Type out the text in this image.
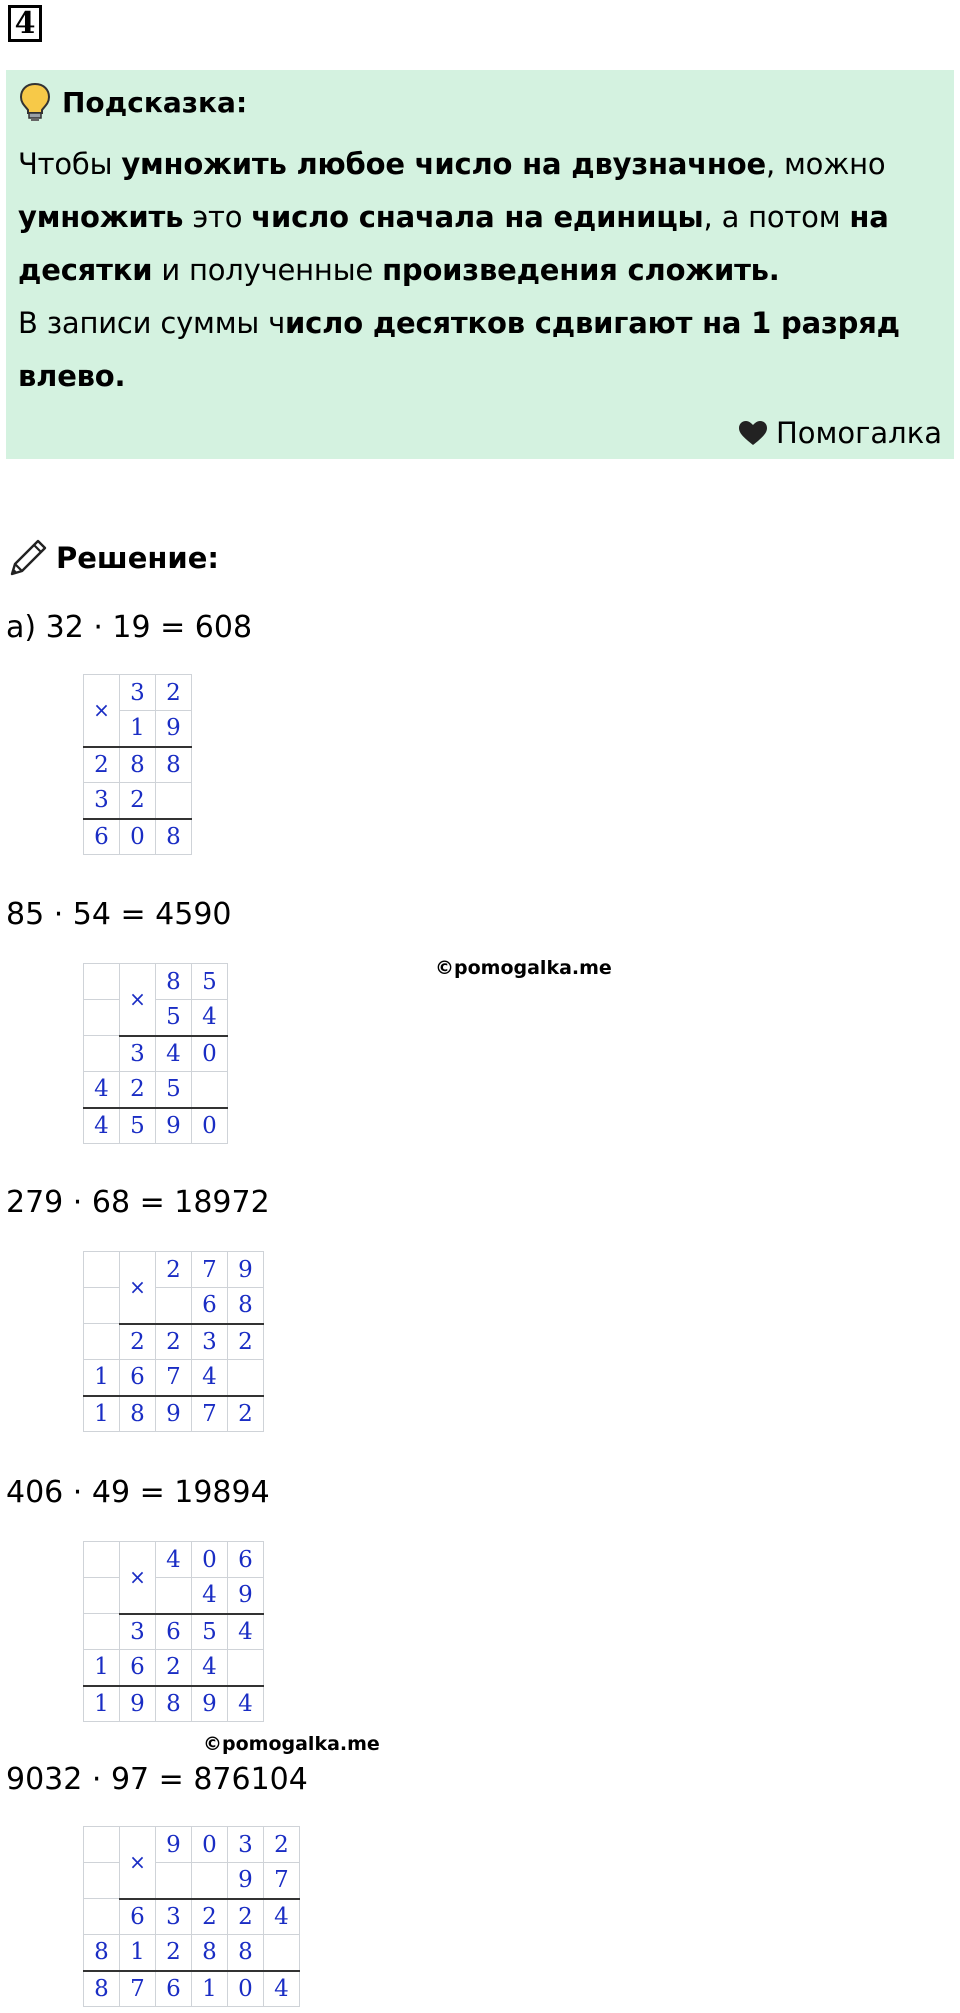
4
Подсказка:
Чтобы умножить любое число на двузначное, можно
умножить это число сначала на единицы, а потом на
десятки и полученные произведения сложить.
В записи суммы число десятков сдвигают на 1 разряд
влево.
Помогалка
Решение:
а) 32 · 19 = 608
×	3	2
	1	9
2	8	8
3	2	
6	0	8
85 · 54 = 4590
©pomogalka.me
	×	8	5
		5	4
	3	4	0
4	2	5	
4	5	9	0
279 · 68 = 18972
	×	2	7	9
			6	8
	2	2	3	2
1	6	7	4	
1	8	9	7	2
406 · 49 = 19894
	×	4	0	6
			4	9
	3	6	5	4
1	6	2	4	
1	9	8	9	4
©pomogalka.me
9032 · 97 = 876104
	×	9	0	3	2
				9	7
	6	3	2	2	4
8	1	2	8	8	
8	7	6	1	0	4
